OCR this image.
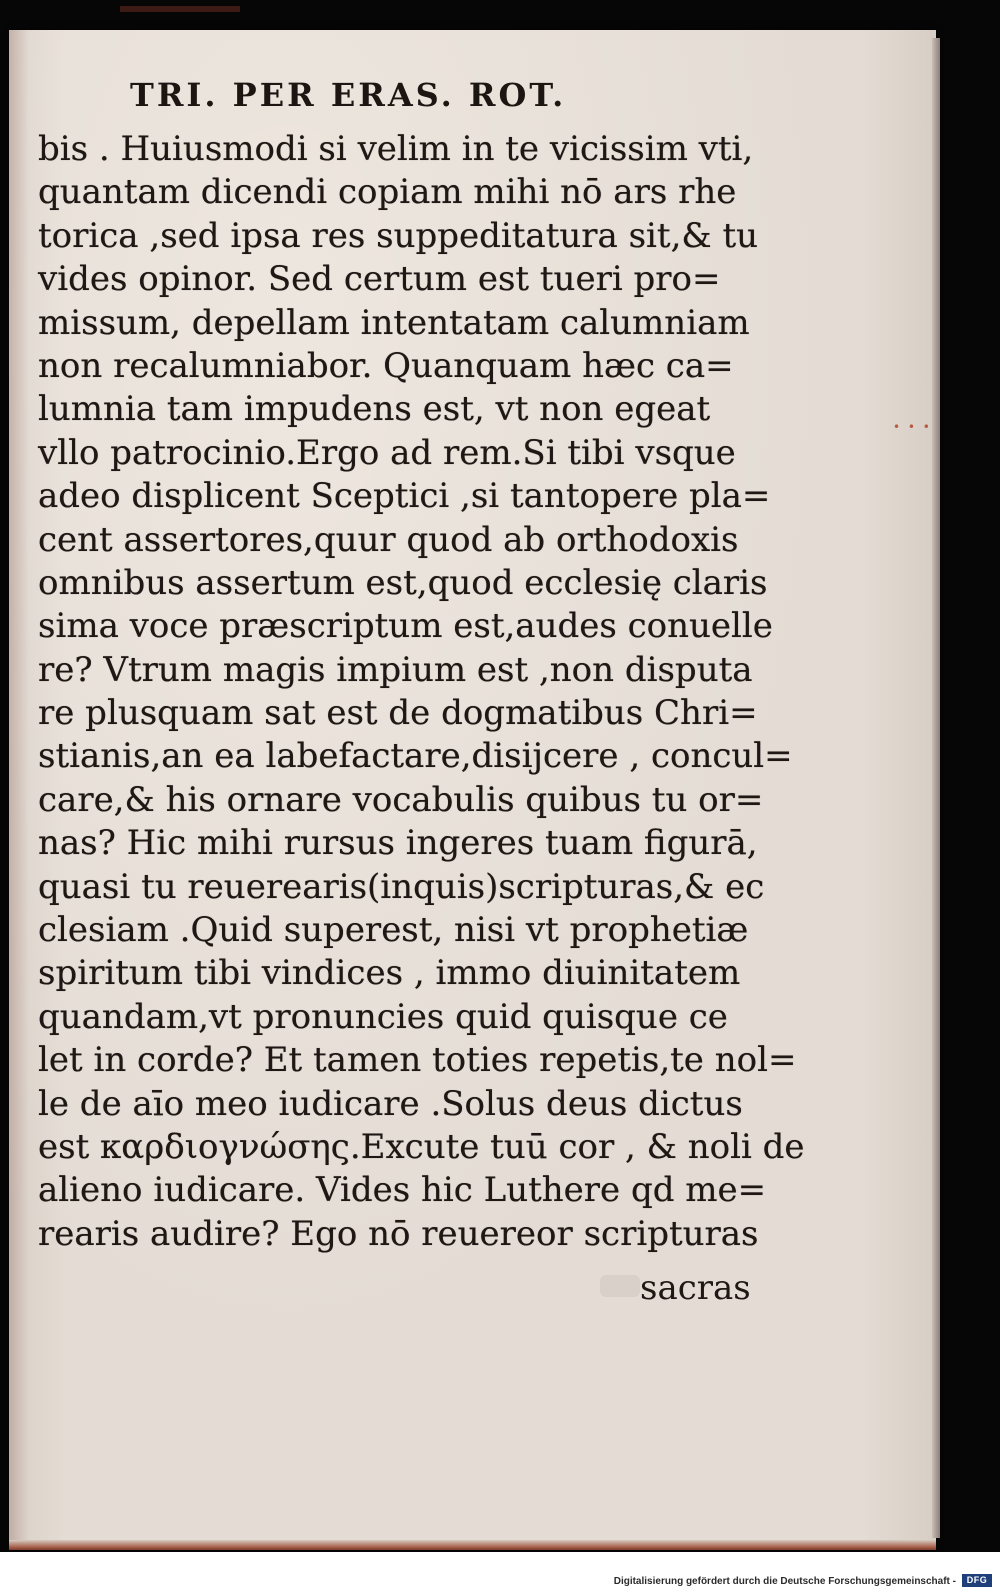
TRI. PER ERAS. ROT.
bis . Huiusmodi si velim in te vicissim vti,
quantam dicendi copiam mihi nō ars rhe
torica ,sed ipsa res suppeditatura sit,& tu
vides opinor. Sed certum est tueri pro=
missum, depellam intentatam calumniam
non recalumniabor. Quanquam hæc ca=
lumnia tam impudens est, vt non egeat
vllo patrocinio.Ergo ad rem.Si tibi vsque
adeo displicent Sceptici ,si tantopere pla=
cent assertores,quur quod ab orthodoxis
omnibus assertum est,quod ecclesię claris
sima voce præscriptum est,audes conuelle
re? Vtrum magis impium est ,non disputa
re plusquam sat est de dogmatibus Chri=
stianis,an ea labefactare,disijcere , concul=
care,& his ornare vocabulis quibus tu or=
nas? Hic mihi rursus ingeres tuam figurā,
quasi tu reuerearis(inquis)scripturas,& ec
clesiam .Quid superest, nisi vt prophetiæ
spiritum tibi vindices , immo diuinitatem
quandam,vt pronuncies quid quisque ce
let in corde? Et tamen toties repetis,te nol=
le de aīo meo iudicare .Solus deus dictus
est καρδιογνώσης.Excute tuū cor , & noli de
alieno iudicare. Vides hic Luthere qd me=
rearis audire? Ego nō reuereor scripturas
sacras
• • •
Digitalisierung gefördert durch die Deutsche Forschungsgemeinschaft -	DFG
